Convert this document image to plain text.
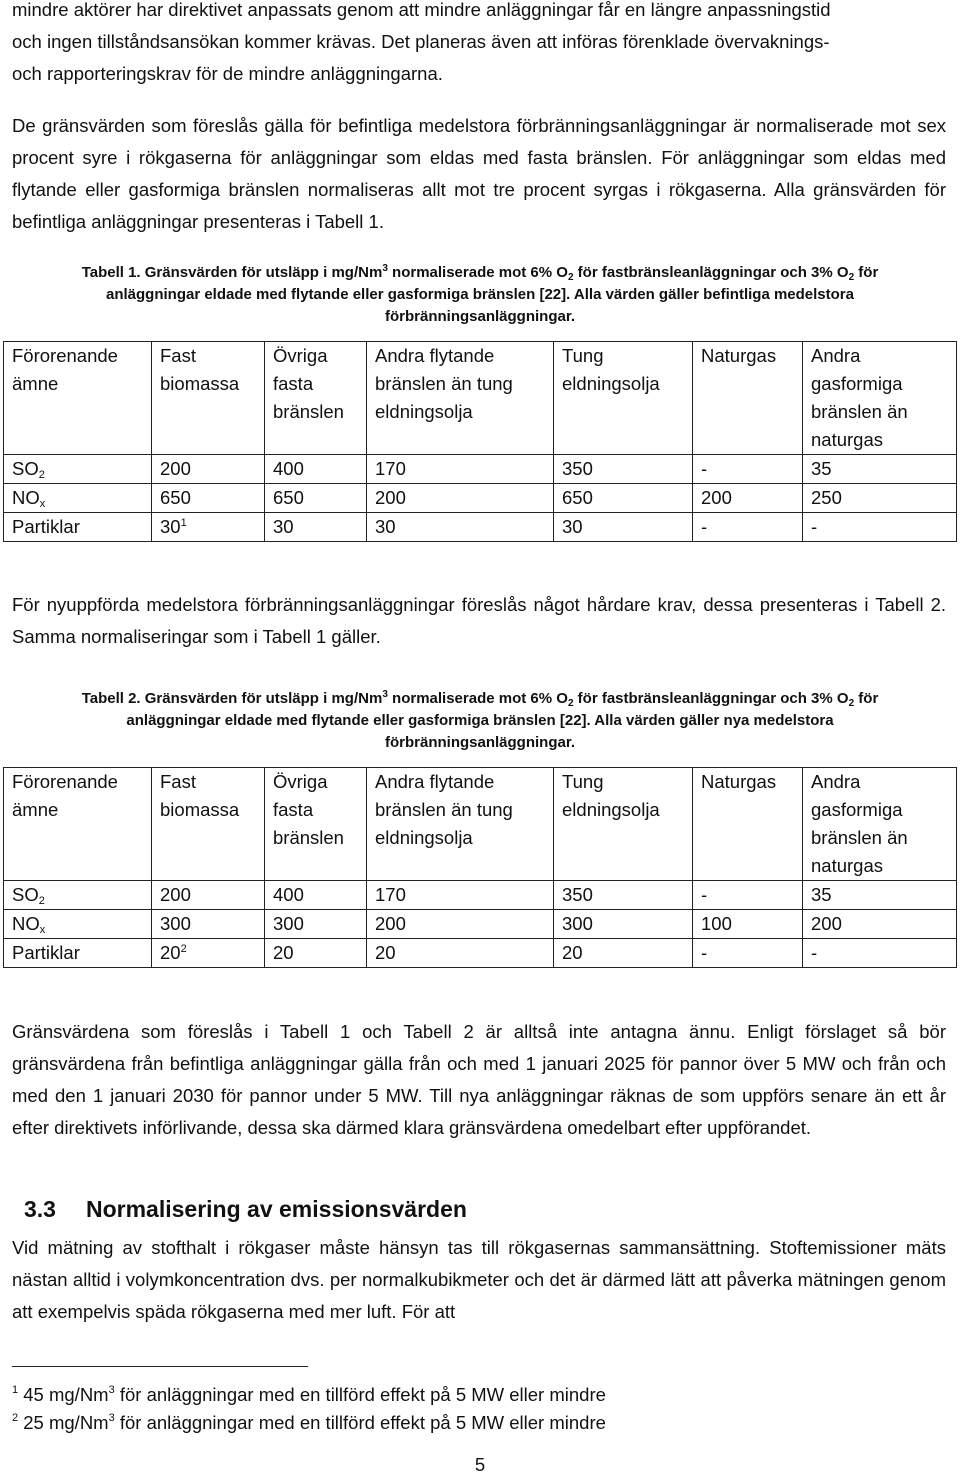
mindre aktörer har direktivet anpassats genom att mindre anläggningar får en längre anpassningstid
och ingen tillståndsansökan kommer krävas. Det planeras även att införas förenklade övervaknings-
och rapporteringskrav för de mindre anläggningarna.

De gränsvärden som föreslås gälla för befintliga medelstora förbränningsanläggningar är normaliserade mot sex procent syre i rökgaserna för anläggningar som eldas med fasta bränslen. För anläggningar som eldas med flytande eller gasformiga bränslen normaliseras allt mot tre procent syrgas i rökgaserna. Alla gränsvärden för befintliga anläggningar presenteras i Tabell 1.

Tabell 1. Gränsvärden för utsläpp i mg/Nm$^3$ normaliserade mot 6% $O_2$ för fastbränsleanläggningar och 3% $O_2$ för anläggningar eldade med flytande eller gasformiga bränslen [22]. Alla värden gäller befintliga medelstora förbränningsanläggningar.

Förorenande ämne	Fast biomassa	Övriga fasta bränslen	Andra flytande bränslen än tung eldningsolja	Tung eldningsolja	Naturgas	Andra gasformiga bränslen än naturgas
$SO_2$	200	400	170	350	-	35
$NO_x$	650	650	200	650	200	250
Partiklar	$30^1$	30	30	30	-	-

För nyuppförda medelstora förbränningsanläggningar föreslås något hårdare krav, dessa presenteras i Tabell 2. Samma normaliseringar som i Tabell 1 gäller.

Tabell 2. Gränsvärden för utsläpp i mg/Nm$^3$ normaliserade mot 6% $O_2$ för fastbränsleanläggningar och 3% $O_2$ för anläggningar eldade med flytande eller gasformiga bränslen [22]. Alla värden gäller nya medelstora förbränningsanläggningar.

Förorenande ämne	Fast biomassa	Övriga fasta bränslen	Andra flytande bränslen än tung eldningsolja	Tung eldningsolja	Naturgas	Andra gasformiga bränslen än naturgas
$SO_2$	200	400	170	350	-	35
$NO_x$	300	300	200	300	100	200
Partiklar	$20^2$	20	20	20	-	-

Gränsvärdena som föreslås i Tabell 1 och Tabell 2 är alltså inte antagna ännu. Enligt förslaget så bör gränsvärdena från befintliga anläggningar gälla från och med 1 januari 2025 för pannor över 5 MW och från och med den 1 januari 2030 för pannor under 5 MW. Till nya anläggningar räknas de som uppförs senare än ett år efter direktivets införlivande, dessa ska därmed klara gränsvärdena omedelbart efter uppförandet.

3.3 Normalisering av emissionsvärden

Vid mätning av stofthalt i rökgaser måste hänsyn tas till rökgasernas sammansättning. Stoftemissioner mäts nästan alltid i volymkoncentration dvs. per normalkubikmeter och det är därmed lätt att påverka mätningen genom att exempelvis späda rökgaserna med mer luft. För att

$^1$ 45 mg/Nm$^3$ för anläggningar med en tillförd effekt på 5 MW eller mindre

$^2$ 25 mg/Nm$^3$ för anläggningar med en tillförd effekt på 5 MW eller mindre

5
